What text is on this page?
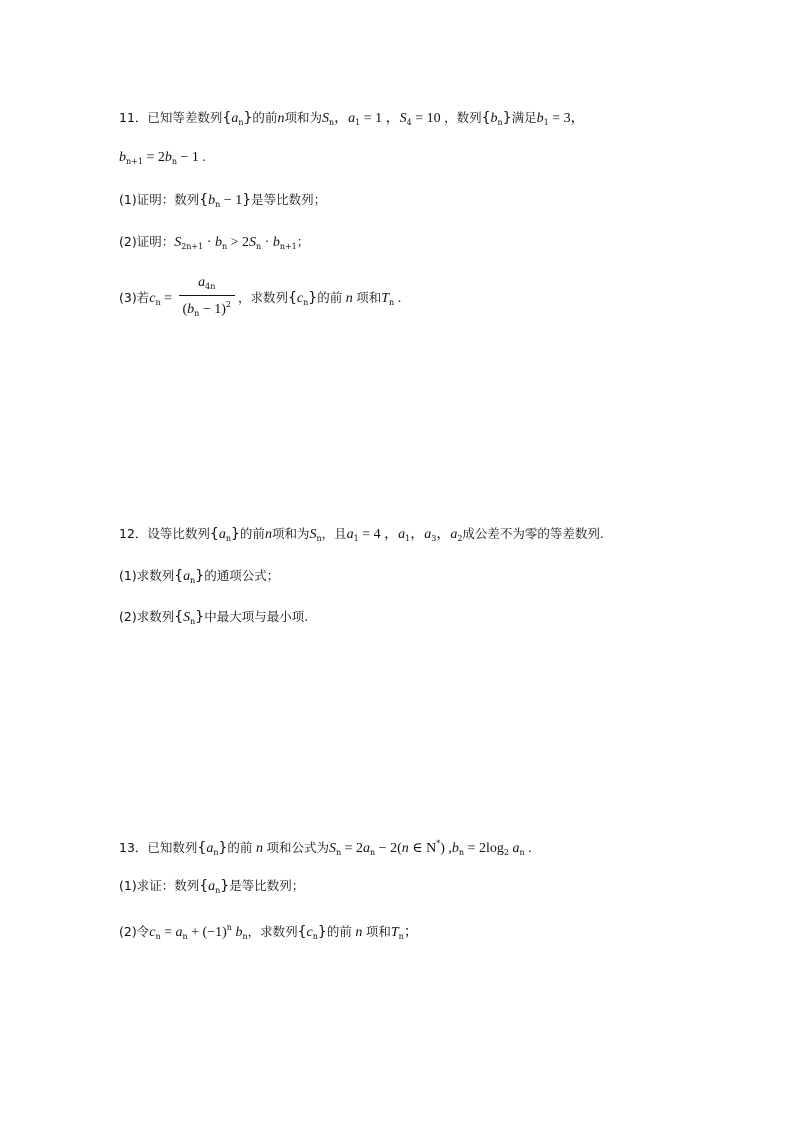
11．已知等差数列$\{a_n\}$的前n项和为$S_n$，$a_1 = 1$ ，$S_4 = 10$ ，数列$\{b_n\}$满足$b_1 = 3$，
$b_{n+1} = 2b_n - 1$ .
(1)证明：数列$\{b_n - 1\}$是等比数列；
(2)证明：$S_{2n+1} \cdot b_n > 2S_n \cdot b_{n+1}$；
(3)若$c_n = \frac{a_{4n}}{(b_n - 1)^2}$ ，求数列$\{c_n\}$的前 n 项和$T_n$ .
12．设等比数列$\{a_n\}$的前n项和为$S_n$，且$a_1 = 4$ ，$a_1$，$a_3$，$a_2$成公差不为零的等差数列.
(1)求数列$\{a_n\}$的通项公式；
(2)求数列$\{S_n\}$中最大项与最小项.
13．已知数列$\{a_n\}$的前 n 项和公式为$S_n = 2a_n - 2(n$ ∈ N*) $,b_n = 2\log_2$ $a_n$ .
(1)求证：数列$\{a_n\}$是等比数列；
(2)令$c_n = a_n + (-1)^n$ $b_n$，求数列$\{c_n\}$的前 n 项和$T_n$；
